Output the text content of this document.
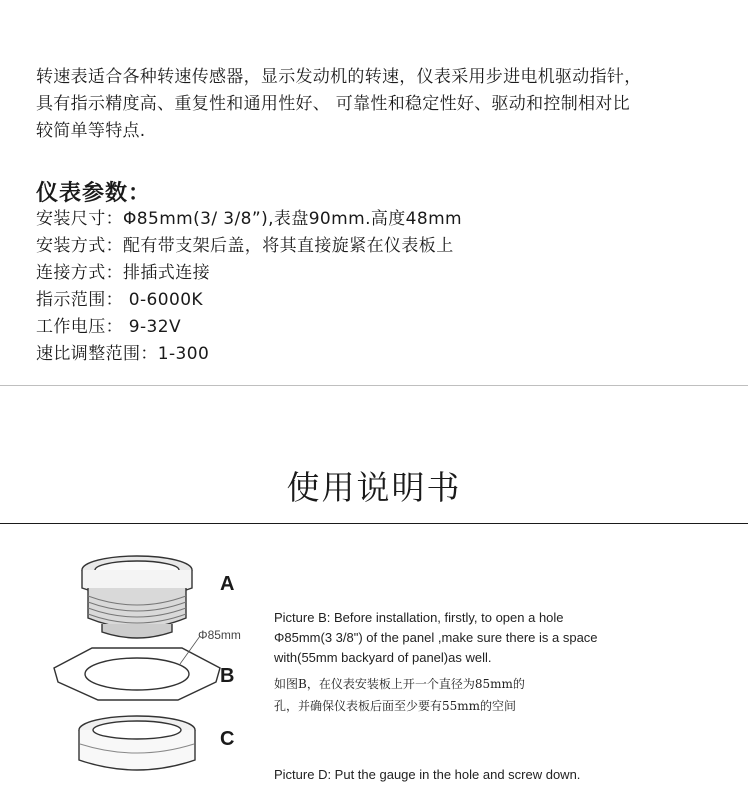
转速表适合各种转速传感器，显示发动机的转速，仪表采用步进电机驱动指针，
具有指示精度高、重复性和通用性好、 可靠性和稳定性好、驱动和控制相对比
较简单等特点.
仪表参数：
安装尺寸：Φ85mm(3/ 3/8”),表盘90mm.高度48mm
安装方式：配有带支架后盖，将其直接旋紧在仪表板上
连接方式：排插式连接
指示范围： 0-6000K
工作电压： 9-32V
速比调整范围：1-300
使用说明书
A
B
C
Φ85mm
Picture B: Before installation, firstly, to open a hole
Φ85mm(3 3/8") of the panel ,make sure there is a space
with(55mm backyard of panel)as well.
如图B，在仪表安装板上开一个直径为85mm的
孔，并确保仪表板后面至少要有55mm的空间
Picture D: Put the gauge in the hole and screw down.
